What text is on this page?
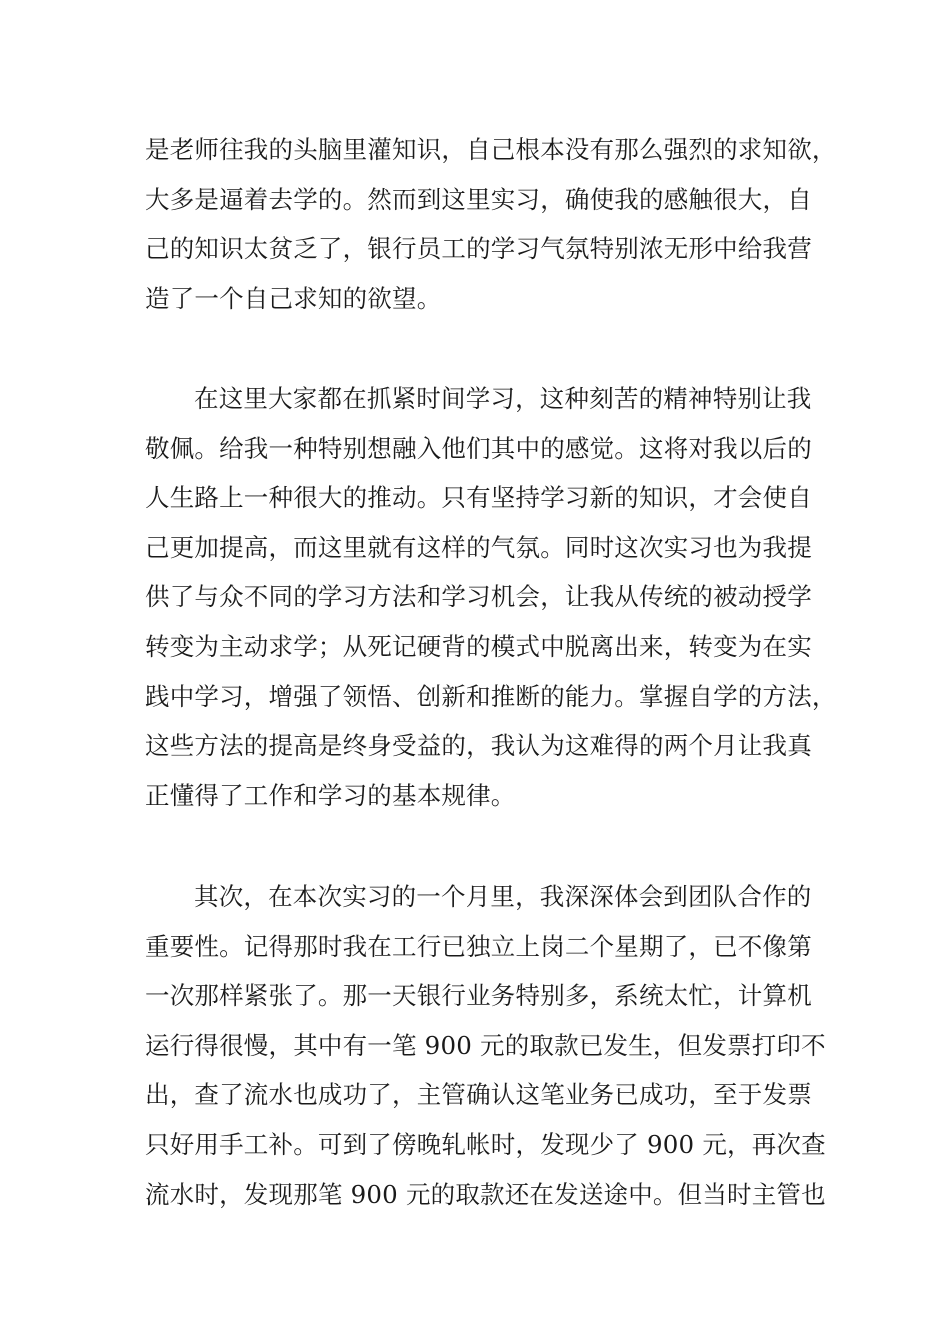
是老师往我的头脑里灌知识，自己根本没有那么强烈的求知欲，
大多是逼着去学的。然而到这里实习，确使我的感触很大，自
己的知识太贫乏了，银行员工的学习气氛特别浓无形中给我营
造了一个自己求知的欲望。
在这里大家都在抓紧时间学习，这种刻苦的精神特别让我
敬佩。给我一种特别想融入他们其中的感觉。这将对我以后的
人生路上一种很大的推动。只有坚持学习新的知识，才会使自
己更加提高，而这里就有这样的气氛。同时这次实习也为我提
供了与众不同的学习方法和学习机会，让我从传统的被动授学
转变为主动求学；从死记硬背的模式中脱离出来，转变为在实
践中学习，增强了领悟、创新和推断的能力。掌握自学的方法，
这些方法的提高是终身受益的，我认为这难得的两个月让我真
正懂得了工作和学习的基本规律。
其次，在本次实习的一个月里，我深深体会到团队合作的
重要性。记得那时我在工行已独立上岗二个星期了，已不像第
一次那样紧张了。那一天银行业务特别多，系统太忙，计算机
运行得很慢，其中有一笔 900 元的取款已发生，但发票打印不
出，查了流水也成功了，主管确认这笔业务已成功，至于发票
只好用手工补。可到了傍晚轧帐时，发现少了 900 元，再次查
流水时，发现那笔 900 元的取款还在发送途中。但当时主管也
